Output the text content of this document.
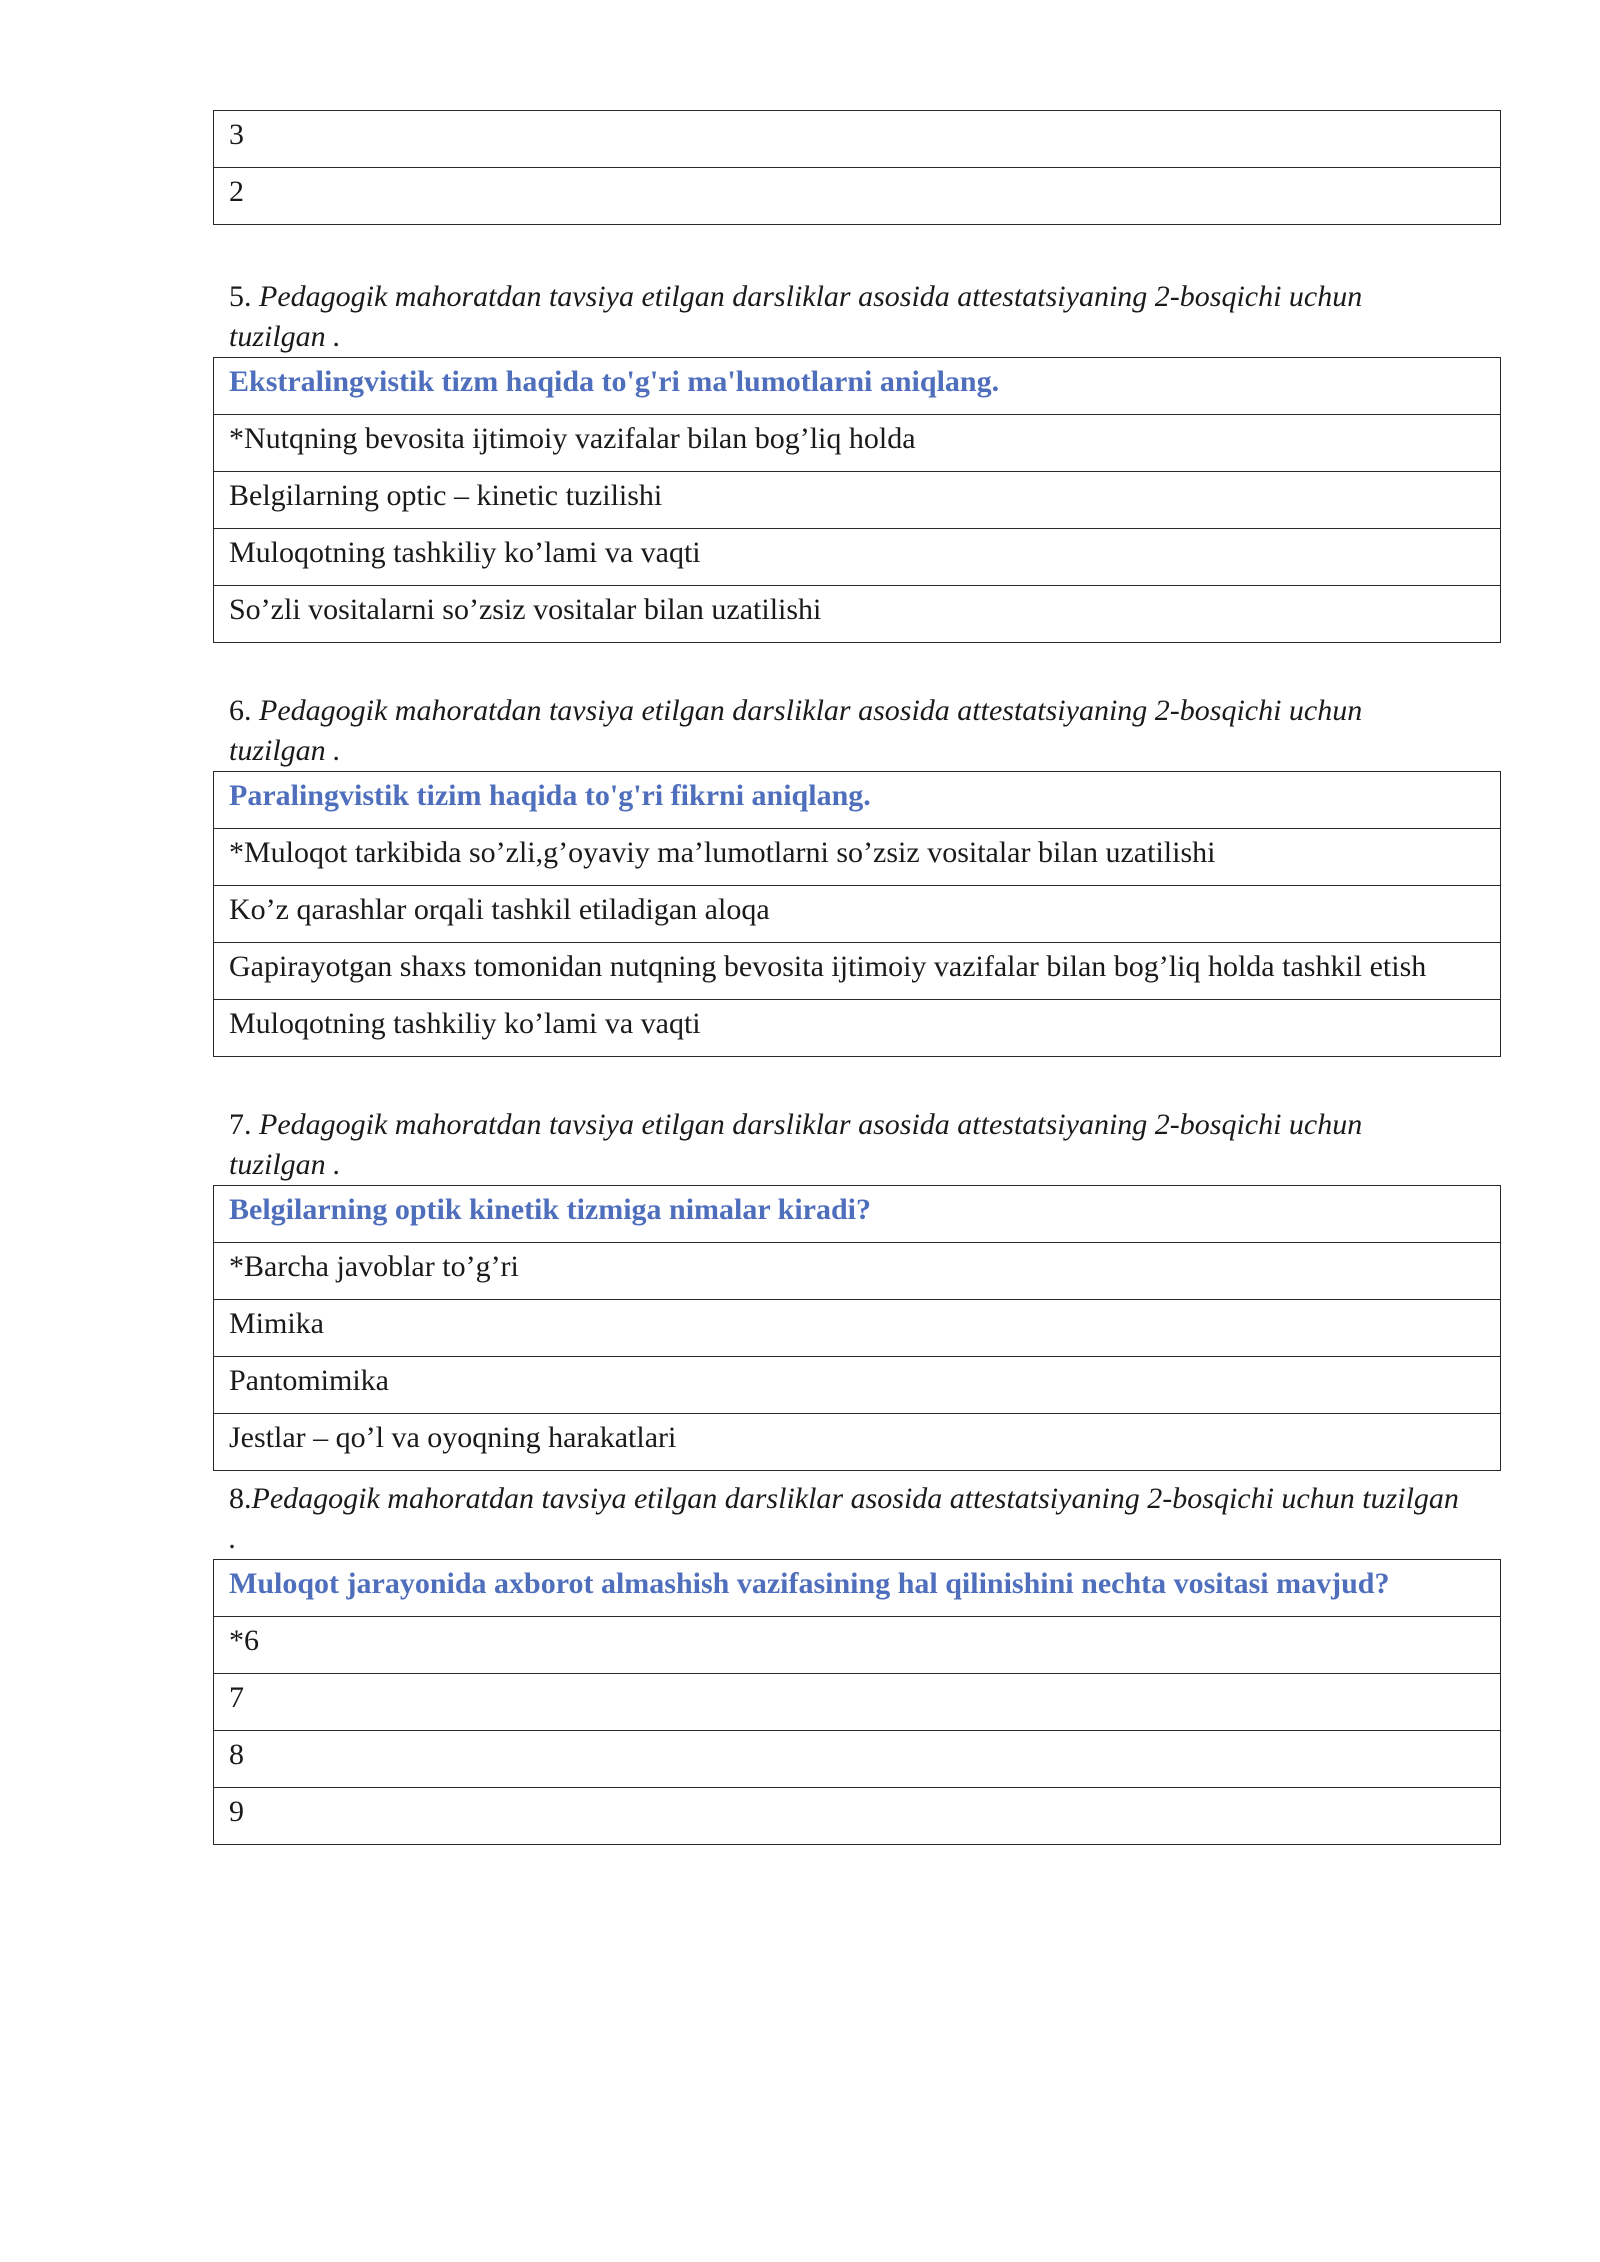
3
2
5. Pedagogik mahoratdan tavsiya etilgan darsliklar asosida attestatsiyaning 2-bosqichi uchun tuzilgan .
Ekstralingvistik tizm haqida to'g'ri ma'lumotlarni aniqlang.
*Nutqning bevosita ijtimoiy vazifalar bilan bog’liq holda
Belgilarning optic – kinetic tuzilishi
Muloqotning tashkiliy ko’lami va vaqti
So’zli vositalarni so’zsiz vositalar bilan uzatilishi
6. Pedagogik mahoratdan tavsiya etilgan darsliklar asosida attestatsiyaning 2-bosqichi uchun tuzilgan .
Paralingvistik tizim haqida to'g'ri fikrni aniqlang.
*Muloqot tarkibida so’zli,g’oyaviy ma’lumotlarni so’zsiz vositalar bilan uzatilishi
Ko’z qarashlar orqali tashkil etiladigan aloqa
Gapirayotgan shaxs tomonidan nutqning bevosita ijtimoiy vazifalar bilan bog’liq holda tashkil etish
Muloqotning tashkiliy ko’lami va vaqti
7. Pedagogik mahoratdan tavsiya etilgan darsliklar asosida attestatsiyaning 2-bosqichi uchun tuzilgan .
Belgilarning optik kinetik tizmiga nimalar kiradi?
*Barcha javoblar to’g’ri
Mimika
Pantomimika
Jestlar – qo’l va oyoqning harakatlari
8.Pedagogik mahoratdan tavsiya etilgan darsliklar asosida attestatsiyaning 2-bosqichi uchun tuzilgan .
Muloqot jarayonida axborot almashish vazifasining hal qilinishini nechta vositasi mavjud?
*6
7
8
9
